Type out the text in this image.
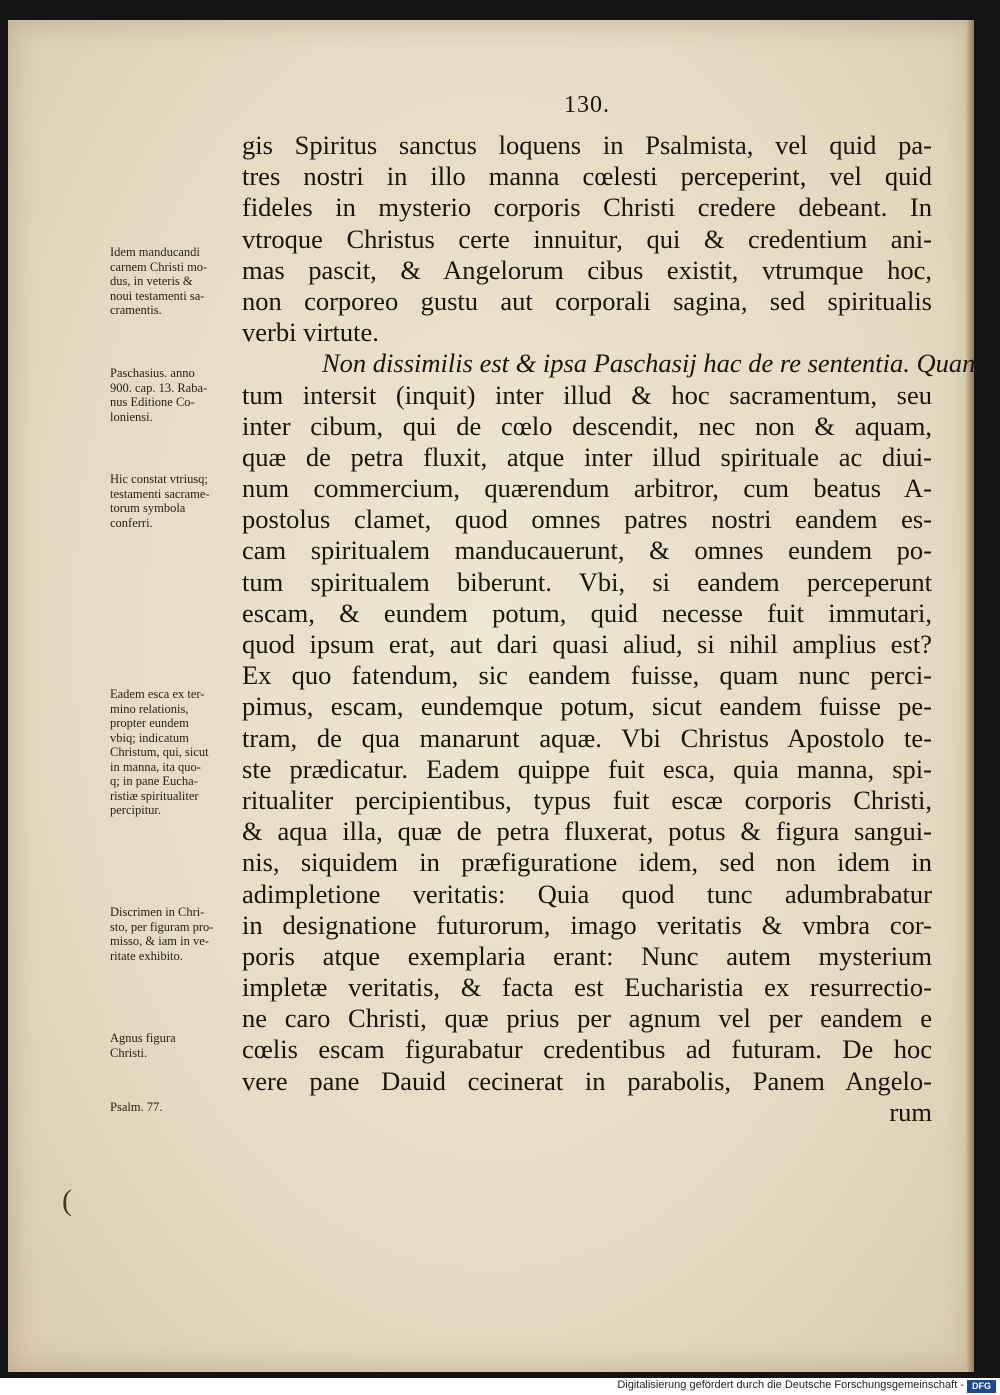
130.
gis Spiritus sanctus loquens in Psalmista, vel quid pa-
tres nostri in illo manna cœlesti perceperint, vel quid
fideles in mysterio corporis Christi credere debeant. In
vtroque Christus certe innuitur, qui & credentium ani-
mas pascit, & Angelorum cibus existit, vtrumque hoc,
non corporeo gustu aut corporali sagina, sed spiritualis
verbi virtute.
Non dissimilis est & ipsa Paschasij hac de re sententia. Quan-
tum intersit (inquit) inter illud & hoc sacramentum, seu
inter cibum, qui de cœlo descendit, nec non & aquam,
quæ de petra fluxit, atque inter illud spirituale ac diui-
num commercium, quærendum arbitror, cum beatus A-
postolus clamet, quod omnes patres nostri eandem es-
cam spiritualem manducauerunt, & omnes eundem po-
tum spiritualem biberunt. Vbi, si eandem perceperunt
escam, & eundem potum, quid necesse fuit immutari,
quod ipsum erat, aut dari quasi aliud, si nihil amplius est?
Ex quo fatendum, sic eandem fuisse, quam nunc perci-
pimus, escam, eundemque potum, sicut eandem fuisse pe-
tram, de qua manarunt aquæ. Vbi Christus Apostolo te-
ste prædicatur. Eadem quippe fuit esca, quia manna, spi-
ritualiter percipientibus, typus fuit escæ corporis Christi,
& aqua illa, quæ de petra fluxerat, potus & figura sangui-
nis, siquidem in præfiguratione idem, sed non idem in
adimpletione veritatis: Quia quod tunc adumbrabatur
in designatione futurorum, imago veritatis & vmbra cor-
poris atque exemplaria erant: Nunc autem mysterium
impletæ veritatis, & facta est Eucharistia ex resurrectio-
ne caro Christi, quæ prius per agnum vel per eandem e
cœlis escam figurabatur credentibus ad futuram. De hoc
vere pane Dauid cecinerat in parabolis, Panem Angelo-
rum
Idem manducandi
carnem Christi mo-
dus, in veteris &
noui testamenti sa-
cramentis.
Paschasius. anno
900. cap. 13. Raba-
nus Editione Co-
loniensi.
Hic constat vtriusq;
testamenti sacrame-
torum symbola
conferri.
Eadem esca ex ter-
mino relationis,
propter eundem
vbiq; indicatum
Christum, qui, sicut
in manna, ita quo-
q; in pane Eucha-
ristiæ spiritualiter
percipitur.
Discrimen in Chri-
sto, per figuram pro-
misso, & iam in ve-
ritate exhibito.
Agnus figura
Christi.
Psalm. 77.
(
Digitalisierung gefördert durch die Deutsche Forschungsgemeinschaft - DFG
